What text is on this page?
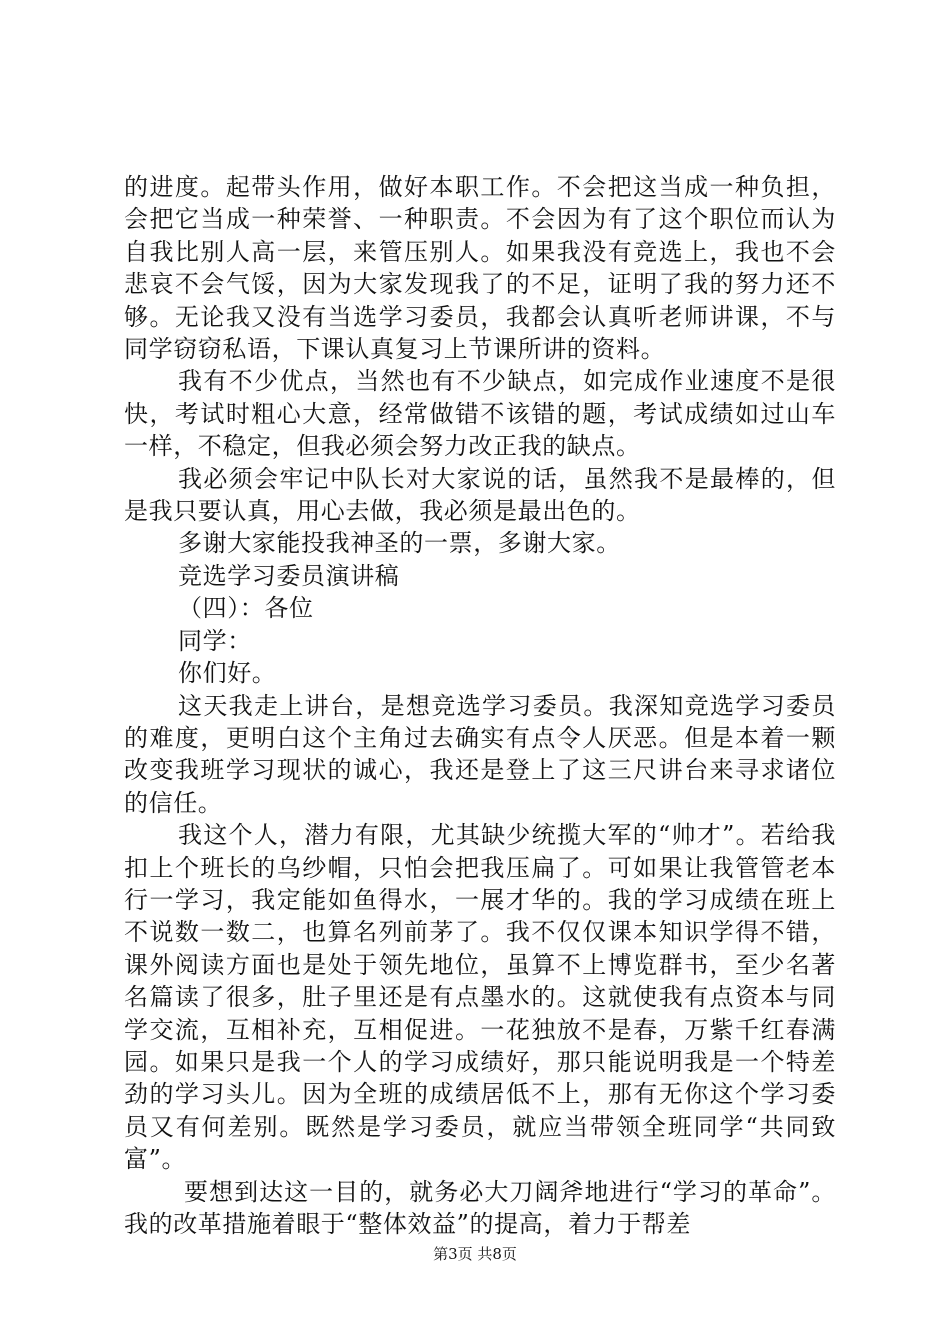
的进度。起带头作用，做好本职工作。不会把这当成一种负担，会把它当成一种荣誉、一种职责。不会因为有了这个职位而认为自我比别人高一层，来管压别人。如果我没有竞选上，我也不会悲哀不会气馁，因为大家发现我了的不足，证明了我的努力还不够。无论我又没有当选学习委员，我都会认真听老师讲课，不与同学窃窃私语，下课认真复习上节课所讲的资料。

我有不少优点，当然也有不少缺点，如完成作业速度不是很快，考试时粗心大意，经常做错不该错的题，考试成绩如过山车一样，不稳定，但我必须会努力改正我的缺点。

我必须会牢记中队长对大家说的话，虽然我不是最棒的，但是我只要认真，用心去做，我必须是最出色的。

多谢大家能投我神圣的一票，多谢大家。

竞选学习委员演讲稿

（四）：各位

同学：

你们好。

这天我走上讲台，是想竞选学习委员。我深知竞选学习委员的难度，更明白这个主角过去确实有点令人厌恶。但是本着一颗改变我班学习现状的诚心，我还是登上了这三尺讲台来寻求诸位的信任。

我这个人，潜力有限，尤其缺少统揽大军的“帅才”。若给我扣上个班长的乌纱帽，只怕会把我压扁了。可如果让我管管老本行一学习，我定能如鱼得水，一展才华的。我的学习成绩在班上不说数一数二，也算名列前茅了。我不仅仅课本知识学得不错，课外阅读方面也是处于领先地位，虽算不上博览群书，至少名著名篇读了很多，肚子里还是有点墨水的。这就使我有点资本与同学交流，互相补充，互相促进。一花独放不是春，万紫千红春满园。如果只是我一个人的学习成绩好，那只能说明我是一个特差劲的学习头儿。因为全班的成绩居低不上，那有无你这个学习委员又有何差别。既然是学习委员，就应当带领全班同学“共同致富”。

要想到达这一目的，就务必大刀阔斧地进行“学习的革命”。我的改革措施着眼于“整体效益”的提高，着力于帮差

第3页 共8页
